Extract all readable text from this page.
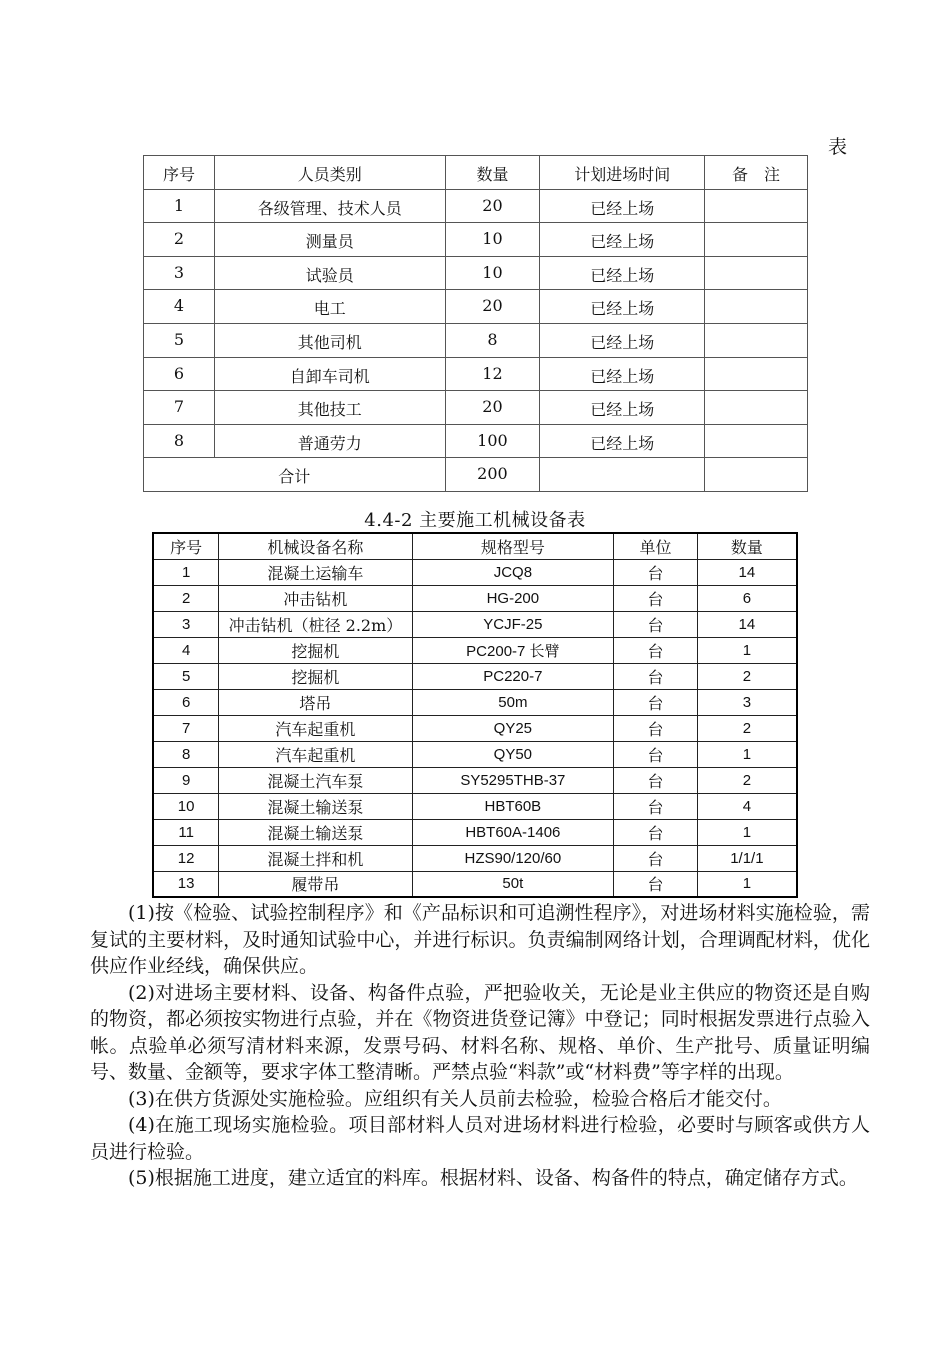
表
序号	人员类别	数量	计划进场时间	备　注
1	各级管理、技术人员	20	已经上场	
2	测量员	10	已经上场	
3	试验员	10	已经上场	
4	电工	20	已经上场	
5	其他司机	8	已经上场	
6	自卸车司机	12	已经上场	
7	其他技工	20	已经上场	
8	普通劳力	100	已经上场	
合计		200		
4.4-2 主要施工机械设备表
序号	机械设备名称	规格型号	单位	数量
1	混凝土运输车	JCQ8	台	14
2	冲击钻机	HG-200	台	6
3	冲击钻机（桩径 2.2m）	YCJF-25	台	14
4	挖掘机	PC200-7 长臂	台	1
5	挖掘机	PC220-7	台	2
6	塔吊	50m	台	3
7	汽车起重机	QY25	台	2
8	汽车起重机	QY50	台	1
9	混凝土汽车泵	SY5295THB-37	台	2
10	混凝土输送泵	HBT60B	台	4
11	混凝土输送泵	HBT60A-1406	台	1
12	混凝土拌和机	HZS90/120/60	台	1/1/1
13	履带吊	50t	台	1

(1)按《检验、试验控制程序》和《产品标识和可追溯性程序》，对进场材料实施检验，需复试的主要材料，及时通知试验中心，并进行标识。负责编制网络计划，合理调配材料，优化供应作业经线，确保供应。

(2)对进场主要材料、设备、构备件点验，严把验收关，无论是业主供应的物资还是自购的物资，都必须按实物进行点验，并在《物资进货登记簿》中登记；同时根据发票进行点验入帐。点验单必须写清材料来源，发票号码、材料名称、规格、单价、生产批号、质量证明编号、数量、金额等，要求字体工整清晰。严禁点验“料款”或“材料费”等字样的出现。

(3)在供方货源处实施检验。应组织有关人员前去检验，检验合格后才能交付。

(4)在施工现场实施检验。项目部材料人员对进场材料进行检验，必要时与顾客或供方人员进行检验。

(5)根据施工进度，建立适宜的料库。根据材料、设备、构备件的特点，确定储存方式。
